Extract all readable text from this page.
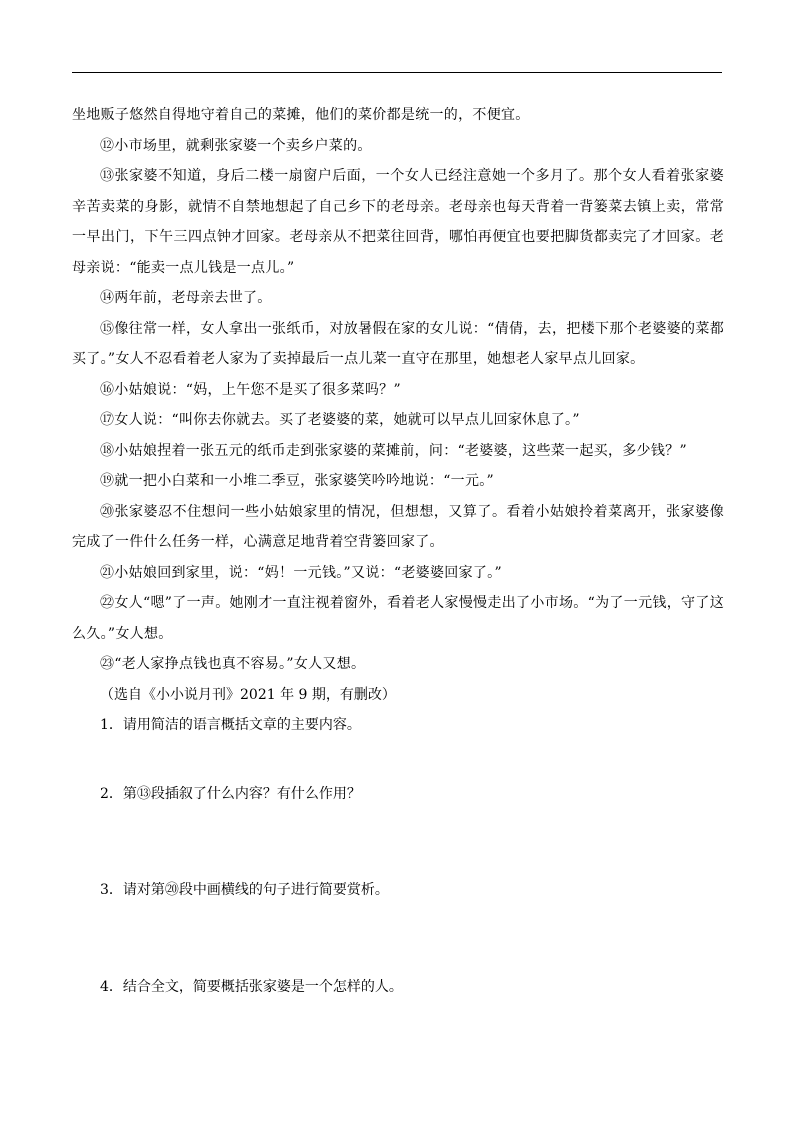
坐地贩子悠然自得地守着自己的菜摊，他们的菜价都是统一的，不便宜。

⑫小市场里，就剩张家婆一个卖乡户菜的。

⑬张家婆不知道，身后二楼一扇窗户后面，一个女人已经注意她一个多月了。那个女人看着张家婆辛苦卖菜的身影，就情不自禁地想起了自己乡下的老母亲。老母亲也每天背着一背篓菜去镇上卖，常常一早出门，下午三四点钟才回家。老母亲从不把菜往回背，哪怕再便宜也要把脚货都卖完了才回家。老母亲说：“能卖一点儿钱是一点儿。”

⑭两年前，老母亲去世了。

⑮像往常一样，女人拿出一张纸币，对放暑假在家的女儿说：“倩倩，去，把楼下那个老婆婆的菜都买了。”女人不忍看着老人家为了卖掉最后一点儿菜一直守在那里，她想老人家早点儿回家。

⑯小姑娘说：“妈，上午您不是买了很多菜吗？”

⑰女人说：“叫你去你就去。买了老婆婆的菜，她就可以早点儿回家休息了。”

⑱小姑娘捏着一张五元的纸币走到张家婆的菜摊前，问：“老婆婆，这些菜一起买，多少钱？”

⑲就一把小白菜和一小堆二季豆，张家婆笑吟吟地说：“一元。”

⑳张家婆忍不住想问一些小姑娘家里的情况，但想想，又算了。看着小姑娘拎着菜离开，张家婆像完成了一件什么任务一样，心满意足地背着空背篓回家了。

㉑小姑娘回到家里，说：“妈！一元钱。”又说：“老婆婆回家了。”

㉒女人“嗯”了一声。她刚才一直注视着窗外，看着老人家慢慢走出了小市场。“为了一元钱，守了这么久。”女人想。

㉓“老人家挣点钱也真不容易。”女人又想。

（选自《小小说月刊》2021 年 9 期，有删改）

1．请用简洁的语言概括文章的主要内容。

2．第⑬段插叙了什么内容？有什么作用？

3．请对第⑳段中画横线的句子进行简要赏析。

4．结合全文，简要概括张家婆是一个怎样的人。
